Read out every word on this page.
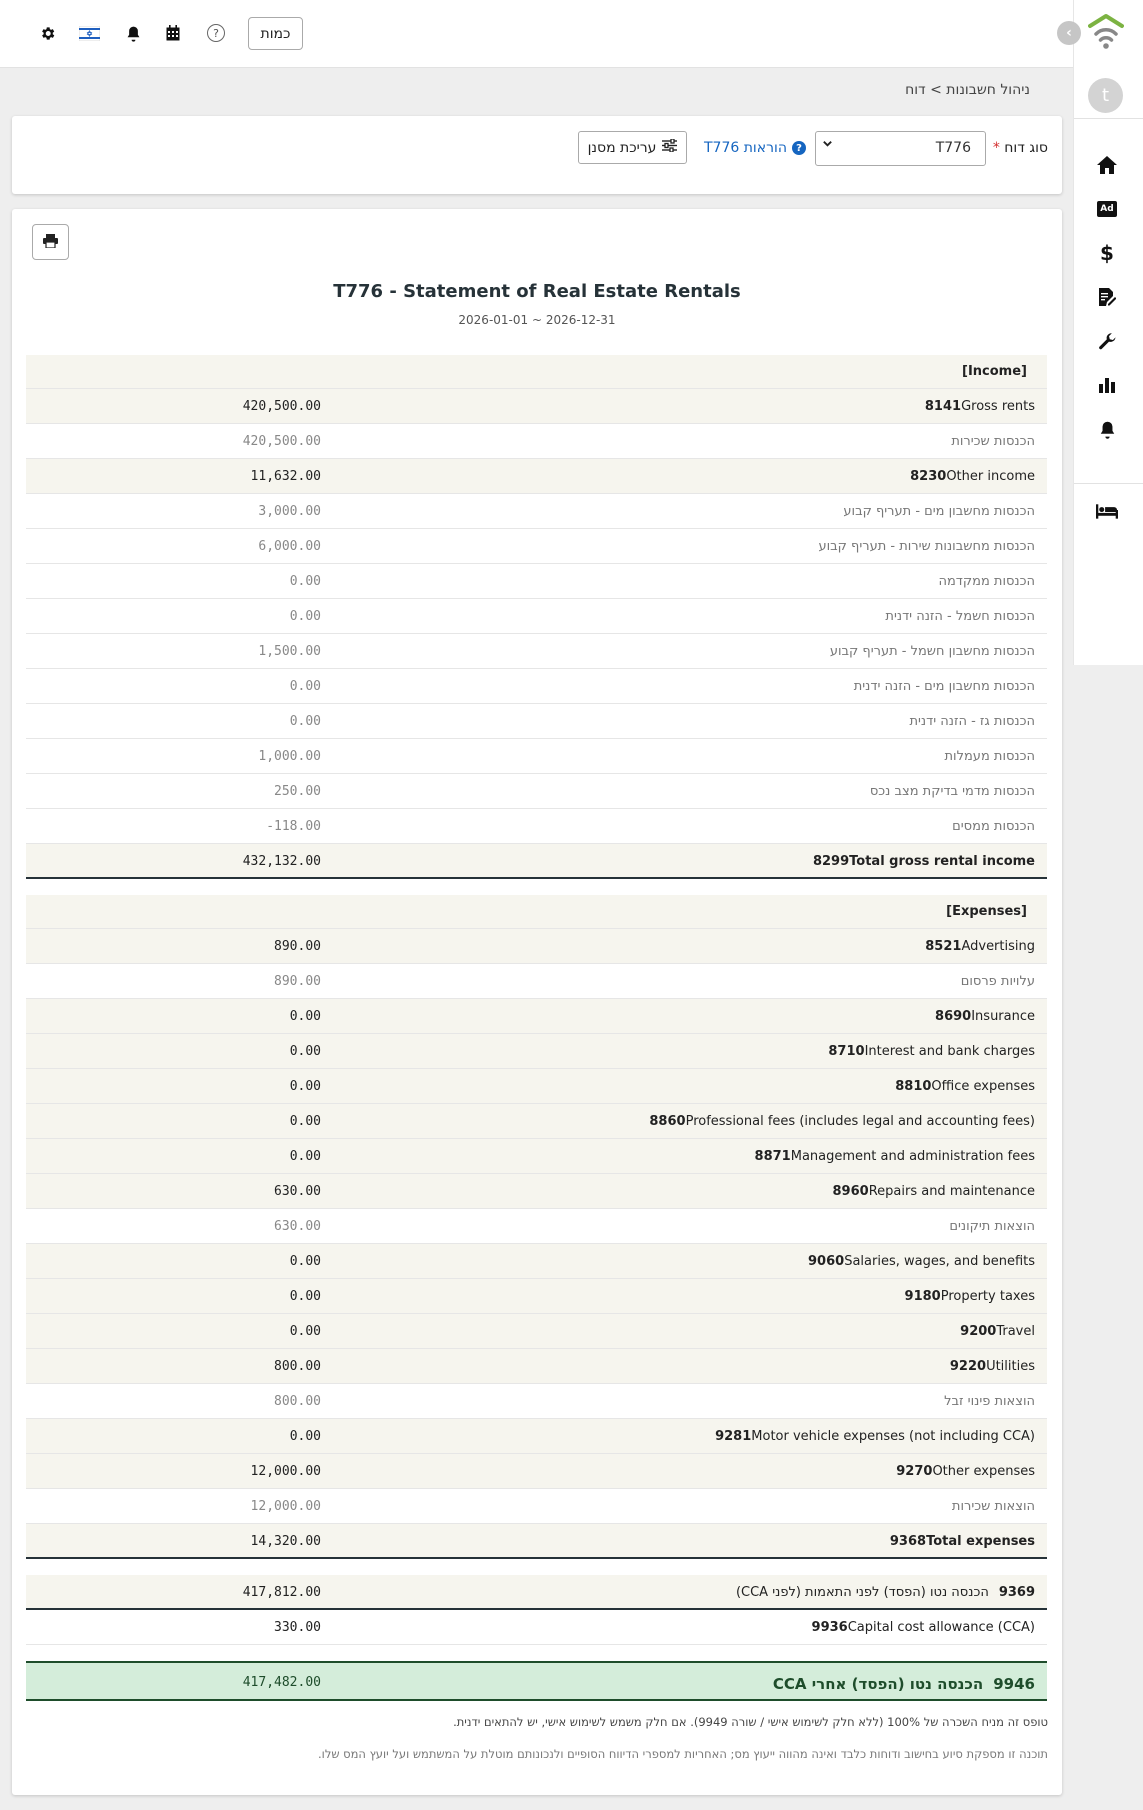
?	כמות	‹
t
Ad
$
ניהול חשבונות > דוח
סוג דוח *
T776
?
הוראות T776
עריכת מסנן
T776 - Statement of Real Estate Rentals
2026-01-01 ~ 2026-12-31
[Income]
8141Gross rents
420,500.00
הכנסות שכירות
420,500.00
8230Other income
11,632.00
הכנסות מחשבון מים - תעריף קבוע
3,000.00
הכנסות מחשבונות שירות - תעריף קבוע
6,000.00
הכנסות ממקדמה
0.00
הכנסות חשמל - הזנה ידנית
0.00
הכנסות מחשבון חשמל - תעריף קבוע
1,500.00
הכנסות מחשבון מים - הזנה ידנית
0.00
הכנסות גז - הזנה ידנית
0.00
הכנסות מעמלות
1,000.00
הכנסות מדמי בדיקת מצב נכס
250.00
הכנסות ממסים
-118.00
8299Total gross rental income
432,132.00
[Expenses]
8521Advertising
890.00
עלויות פרסום
890.00
8690Insurance
0.00
8710Interest and bank charges
0.00
8810Office expenses
0.00
8860Professional fees (includes legal and accounting fees)
0.00
8871Management and administration fees
0.00
8960Repairs and maintenance
630.00
הוצאות תיקונים
630.00
9060Salaries, wages, and benefits
0.00
9180Property taxes
0.00
9200Travel
0.00
9220Utilities
800.00
הוצאות פינוי זבל
800.00
9281Motor vehicle expenses (not including CCA)
0.00
9270Other expenses
12,000.00
הוצאות שכירות
12,000.00
9368Total expenses
14,320.00
9369הכנסה נטו (הפסד) לפני התאמות (לפני CCA)
417,812.00
9936Capital cost allowance (CCA)
330.00
9946הכנסה נטו (הפסד) אחרי CCA
417,482.00
טופס זה מניח השכרה של 100% (ללא חלק לשימוש אישי / שורה 9949). אם חלק משמש לשימוש אישי, יש להתאים ידנית.
תוכנה זו מספקת סיוע בחישוב ודוחות כלבד ואינה מהווה ייעוץ מס; האחריות למספרי הדיווח הסופיים ולנכונותם מוטלת על המשתמש ועל יועץ המס שלו.
